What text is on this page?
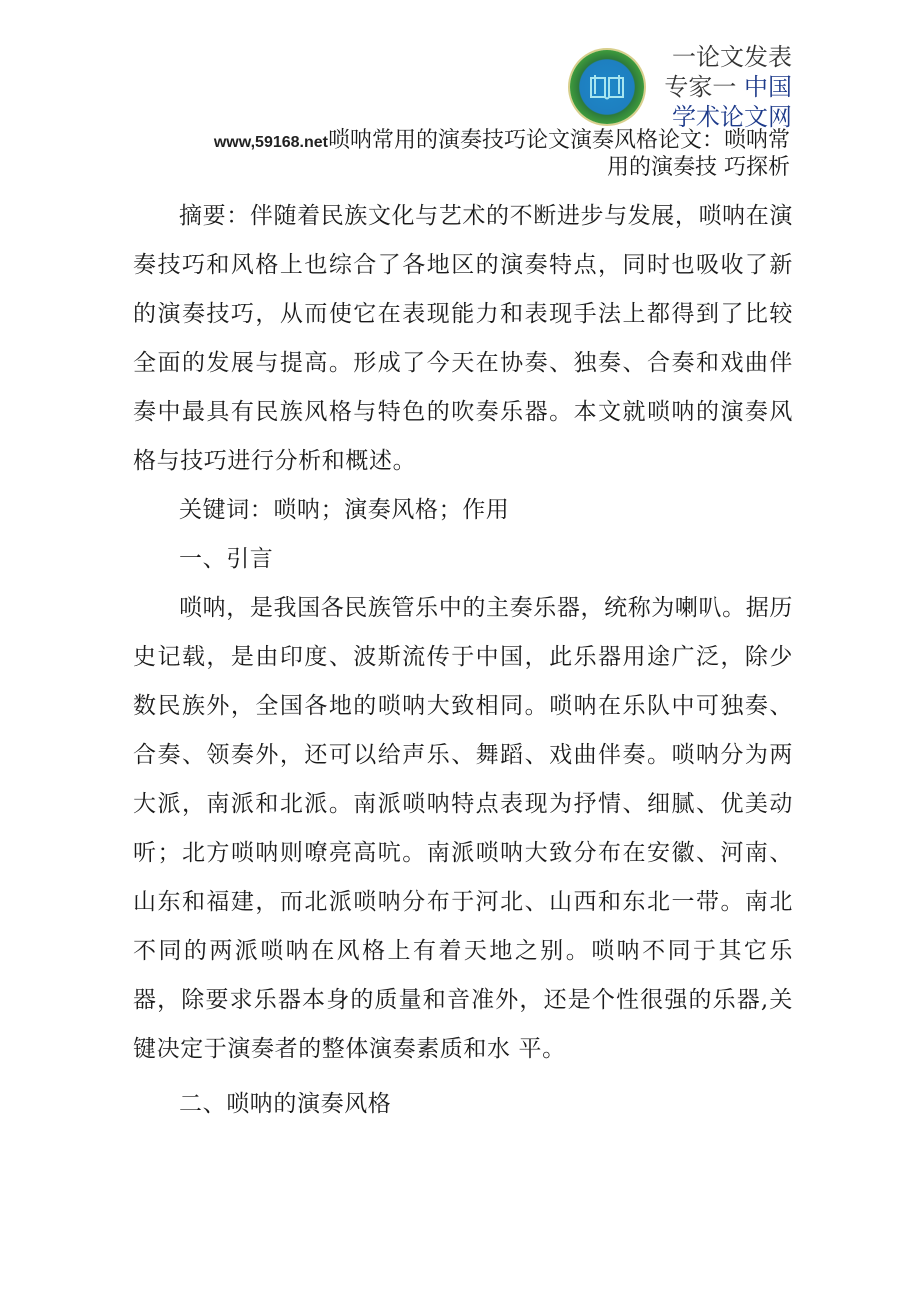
一论文发表
专家一 中国
学术论文网
www,59168.net唢呐常用的演奏技巧论文演奏风格论文：唢呐常
用的演奏技 巧探析

摘要：伴随着民族文化与艺术的不断进步与发展，唢呐在演奏技巧和风格上也综合了各地区的演奏特点，同时也吸收了新的演奏技巧，从而使它在表现能力和表现手法上都得到了比较全面的发展与提高。形成了今天在协奏、独奏、合奏和戏曲伴奏中最具有民族风格与特色的吹奏乐器。本文就唢呐的演奏风格与技巧进行分析和概述。

关键词：唢呐；演奏风格；作用

一、引言

唢呐，是我国各民族管乐中的主奏乐器，统称为喇叭。据历史记载，是由印度、波斯流传于中国，此乐器用途广泛，除少数民族外，全国各地的唢呐大致相同。唢呐在乐队中可独奏、合奏、领奏外，还可以给声乐、舞蹈、戏曲伴奏。唢呐分为两大派，南派和北派。南派唢呐特点表现为抒情、细腻、优美动听；北方唢呐则嘹亮高吭。南派唢呐大致分布在安徽、河南、山东和福建，而北派唢呐分布于河北、山西和东北一带。南北不同的两派唢呐在风格上有着天地之别。唢呐不同于其它乐器，除要求乐器本身的质量和音准外，还是个性很强的乐器,关键决定于演奏者的整体演奏素质和水 平。

二、唢呐的演奏风格
